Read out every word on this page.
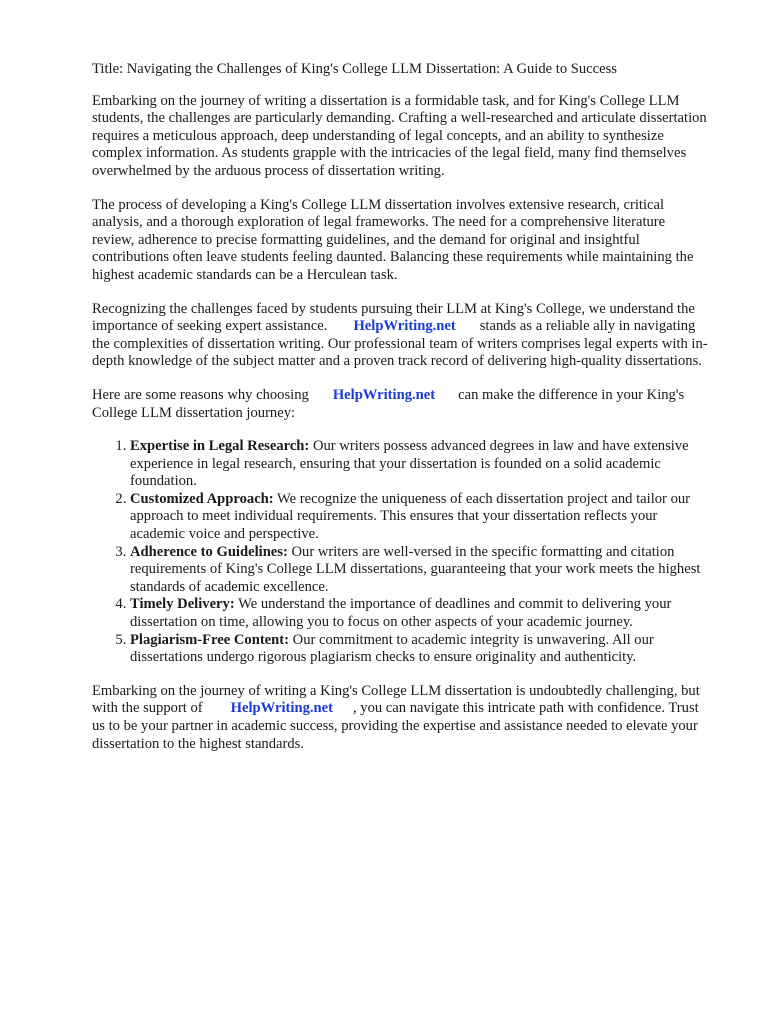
Title: Navigating the Challenges of King's College LLM Dissertation: A Guide to Success

Embarking on the journey of writing a dissertation is a formidable task, and for King's College LLM students, the challenges are particularly demanding. Crafting a well-researched and articulate dissertation requires a meticulous approach, deep understanding of legal concepts, and an ability to synthesize complex information. As students grapple with the intricacies of the legal field, many find themselves overwhelmed by the arduous process of dissertation writing.

The process of developing a King's College LLM dissertation involves extensive research, critical analysis, and a thorough exploration of legal frameworks. The need for a comprehensive literature review, adherence to precise formatting guidelines, and the demand for original and insightful contributions often leave students feeling daunted. Balancing these requirements while maintaining the highest academic standards can be a Herculean task.

Recognizing the challenges faced by students pursuing their LLM at King's College, we understand the importance of seeking expert assistance. HelpWriting.net stands as a reliable ally in navigating the complexities of dissertation writing. Our professional team of writers comprises legal experts with in-depth knowledge of the subject matter and a proven track record of delivering high-quality dissertations.

Here are some reasons why choosing HelpWriting.net can make the difference in your King's College LLM dissertation journey:

1. Expertise in Legal Research: Our writers possess advanced degrees in law and have extensive experience in legal research, ensuring that your dissertation is founded on a solid academic foundation.
2. Customized Approach: We recognize the uniqueness of each dissertation project and tailor our approach to meet individual requirements. This ensures that your dissertation reflects your academic voice and perspective.
3. Adherence to Guidelines: Our writers are well-versed in the specific formatting and citation requirements of King's College LLM dissertations, guaranteeing that your work meets the highest standards of academic excellence.
4. Timely Delivery: We understand the importance of deadlines and commit to delivering your dissertation on time, allowing you to focus on other aspects of your academic journey.
5. Plagiarism-Free Content: Our commitment to academic integrity is unwavering. All our dissertations undergo rigorous plagiarism checks to ensure originality and authenticity.

Embarking on the journey of writing a King's College LLM dissertation is undoubtedly challenging, but with the support of HelpWriting.net , you can navigate this intricate path with confidence. Trust us to be your partner in academic success, providing the expertise and assistance needed to elevate your dissertation to the highest standards.
